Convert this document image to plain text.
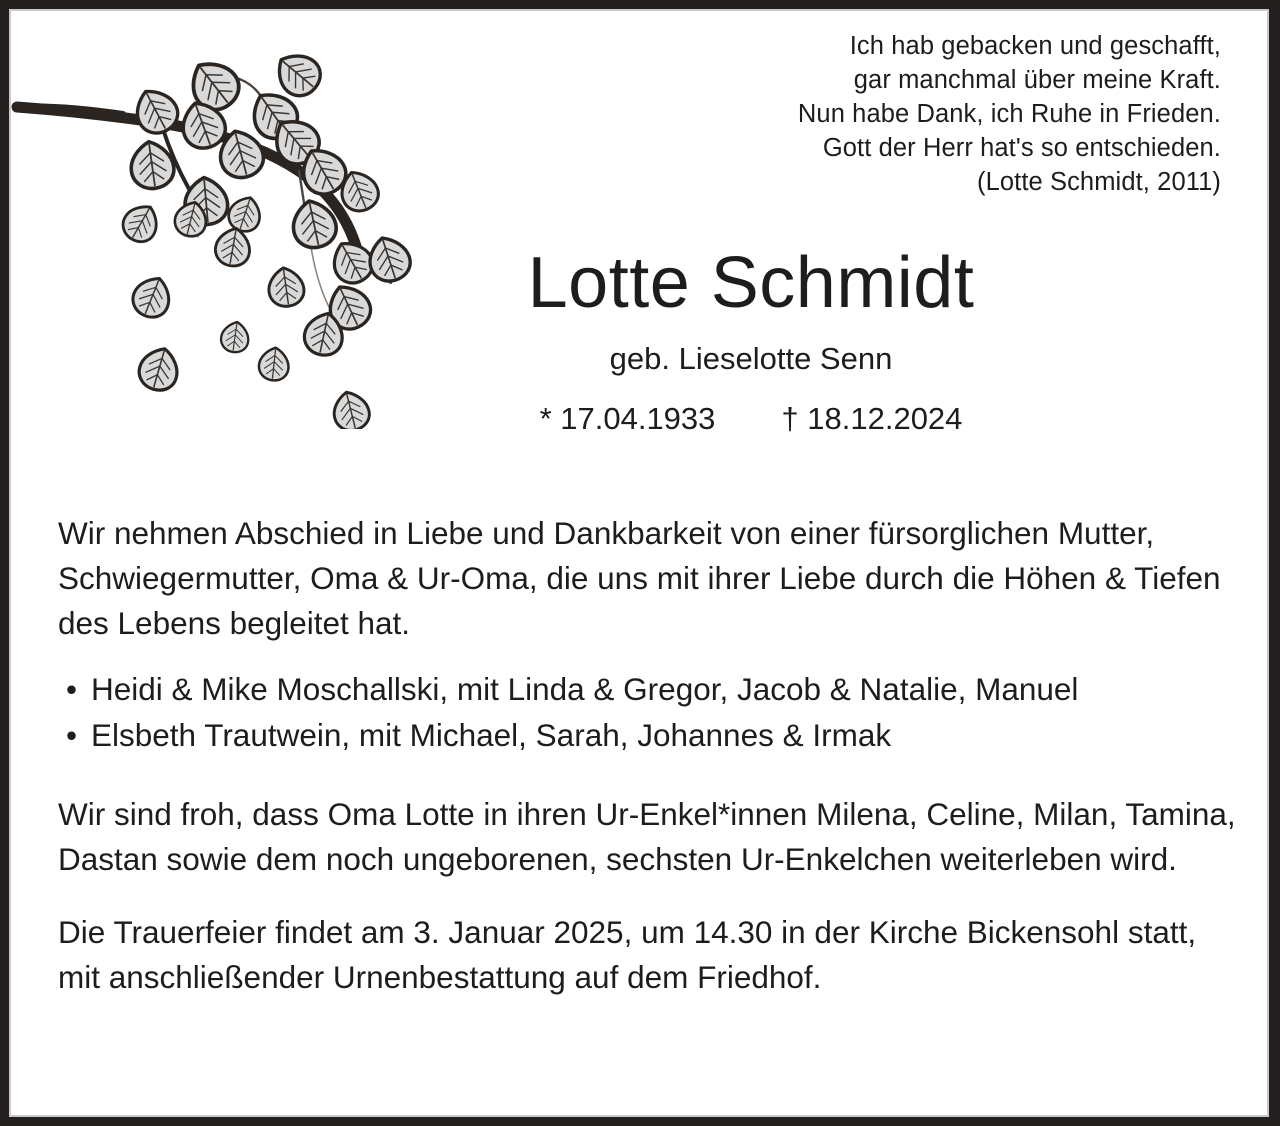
Ich hab gebacken und geschafft,
gar manchmal über meine Kraft.
Nun habe Dank, ich Ruhe in Frieden.
Gott der Herr hat's so entschieden.
(Lotte Schmidt, 2011)
Lotte Schmidt
geb. Lieselotte Senn
* 17.04.1933 † 18.12.2024

Wir nehmen Abschied in Liebe und Dankbarkeit von einer fürsorglichen Mutter, Schwiegermutter, Oma & Ur-Oma, die uns mit ihrer Liebe durch die Höhen & Tiefen des Lebens begleitet hat.

• Heidi & Mike Moschallski, mit Linda & Gregor, Jacob & Natalie, Manuel
• Elsbeth Trautwein, mit Michael, Sarah, Johannes & Irmak

Wir sind froh, dass Oma Lotte in ihren Ur-Enkel*innen Milena, Celine, Milan, Tamina, Dastan sowie dem noch ungeborenen, sechsten Ur-Enkelchen weiterleben wird.

Die Trauerfeier findet am 3. Januar 2025, um 14.30 in der Kirche Bickensohl statt, mit anschließender Urnenbestattung auf dem Friedhof.
